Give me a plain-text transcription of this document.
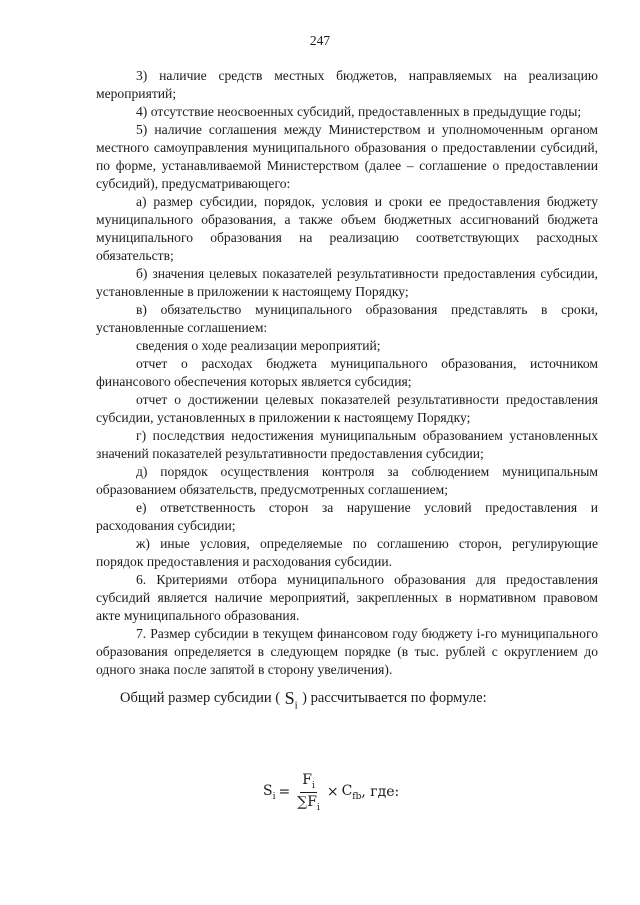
247

3) наличие средств местных бюджетов, направляемых на реализацию мероприятий;

4) отсутствие неосвоенных субсидий, предоставленных в предыдущие годы;

5) наличие соглашения между Министерством и уполномоченным органом местного самоуправления муниципального образования о предоставлении субсидий, по форме, устанавливаемой Министерством (далее – соглашение о предоставлении субсидий), предусматривающего:

а) размер субсидии, порядок, условия и сроки ее предоставления бюджету муниципального образования, а также объем бюджетных ассигнований бюджета муниципального образования на реализацию соответствующих расходных обязательств;

б) значения целевых показателей результативности предоставления субсидии, установленные в приложении к настоящему Порядку;

в) обязательство муниципального образования представлять в сроки, установленные соглашением:

сведения о ходе реализации мероприятий;

отчет о расходах бюджета муниципального образования, источником финансового обеспечения которых является субсидия;

отчет о достижении целевых показателей результативности предоставления субсидии, установленных в приложении к настоящему Порядку;

г) последствия недостижения муниципальным образованием установленных значений показателей результативности предоставления субсидии;

д) порядок осуществления контроля за соблюдением муниципальным образованием обязательств, предусмотренных соглашением;

е) ответственность сторон за нарушение условий предоставления и расходования субсидии;

ж) иные условия, определяемые по соглашению сторон, регулирующие порядок предоставления и расходования субсидии.

6. Критериями отбора муниципального образования для предоставления субсидий является наличие мероприятий, закрепленных в нормативном правовом акте муниципального образования.

7. Размер субсидии в текущем финансовом году бюджету i-го муниципального образования определяется в следующем порядке (в тыс. рублей с округлением до одного знака после запятой в сторону увеличения).

Общий размер субсидии ( $S_i$ ) рассчитывается по формуле:

$S_i = \frac{F_i}{\sum F_i} \times C_{fb}$ , где:
